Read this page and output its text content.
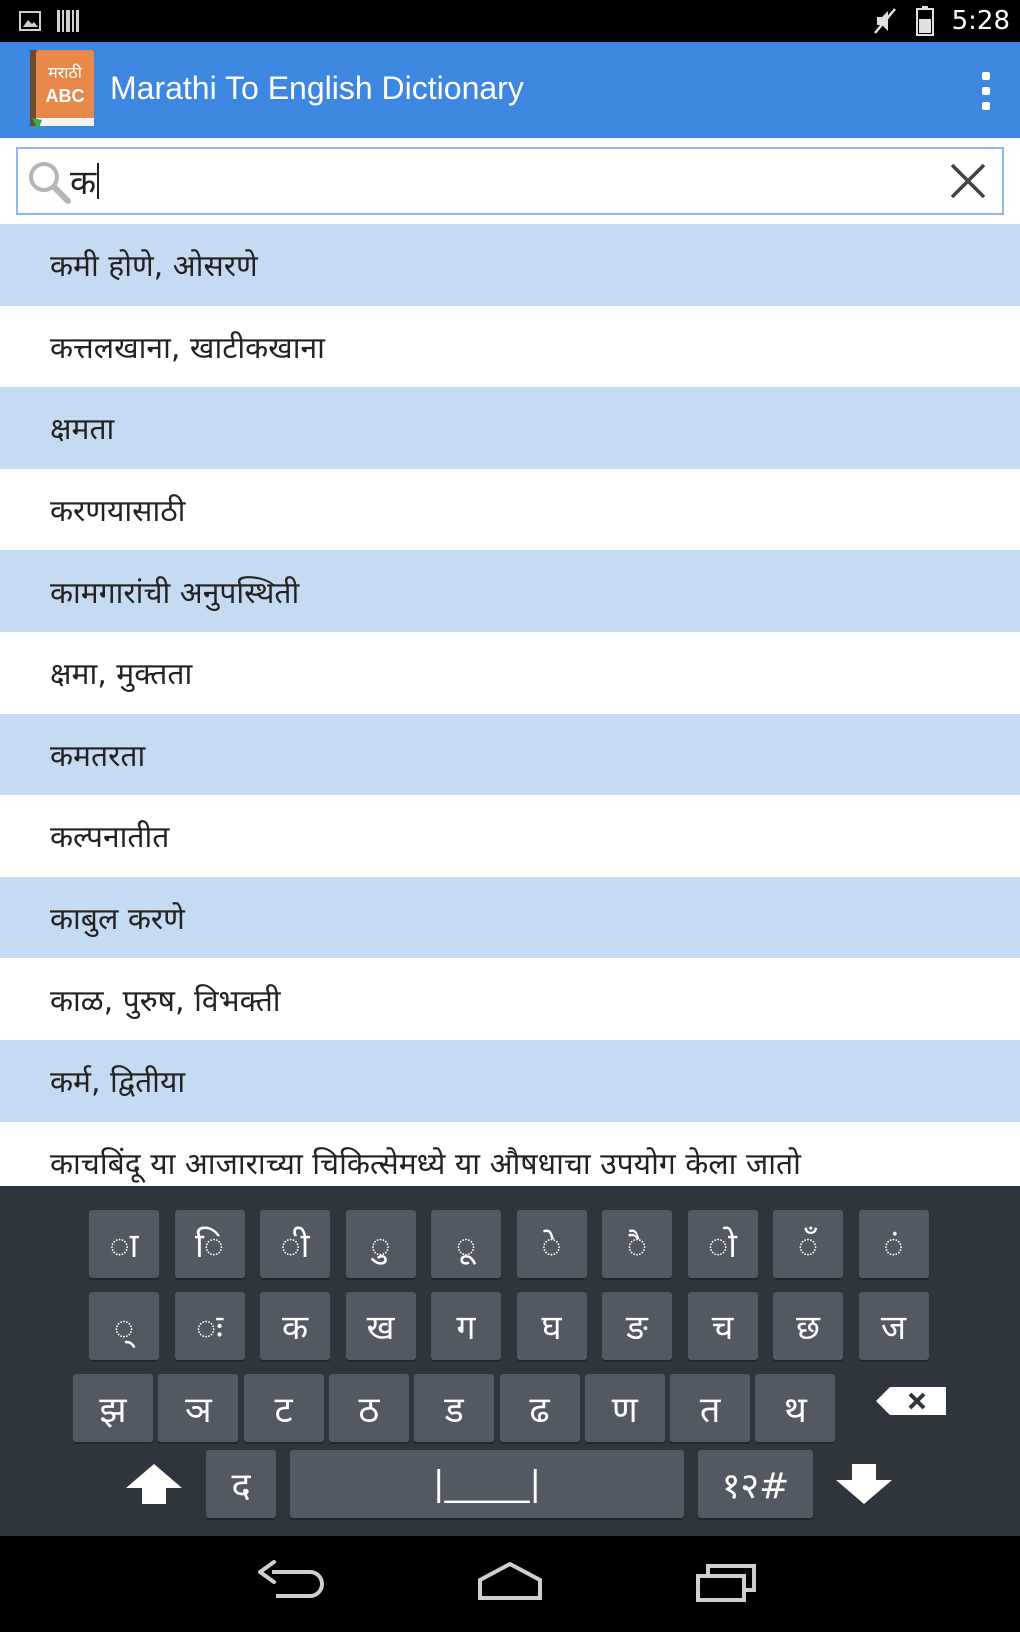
5:28
मराठी
ABC Marathi To English Dictionary
क
कमी होणे, ओसरणे
कत्तलखाना, खाटीकखाना
क्षमता
करणयासाठी
कामगारांची अनुपस्थिती
क्षमा, मुक्तता
कमतरता
कल्पनातीत
काबुल करणे
काळ, पुरुष, विभक्ती
कर्म, द्वितीया
काचबिंदू या आजाराच्या चिकित्सेमध्ये या औषधाचा उपयोग केला जातो
ा	ि	ी	ु	ू	े	ै	ो	ँ	ं
्	ः	क	ख	ग	घ	ङ	च	छ	ज
झ	ञ	ट	ठ	ड	ढ	ण	त	थ
द	|_____|	१२#
